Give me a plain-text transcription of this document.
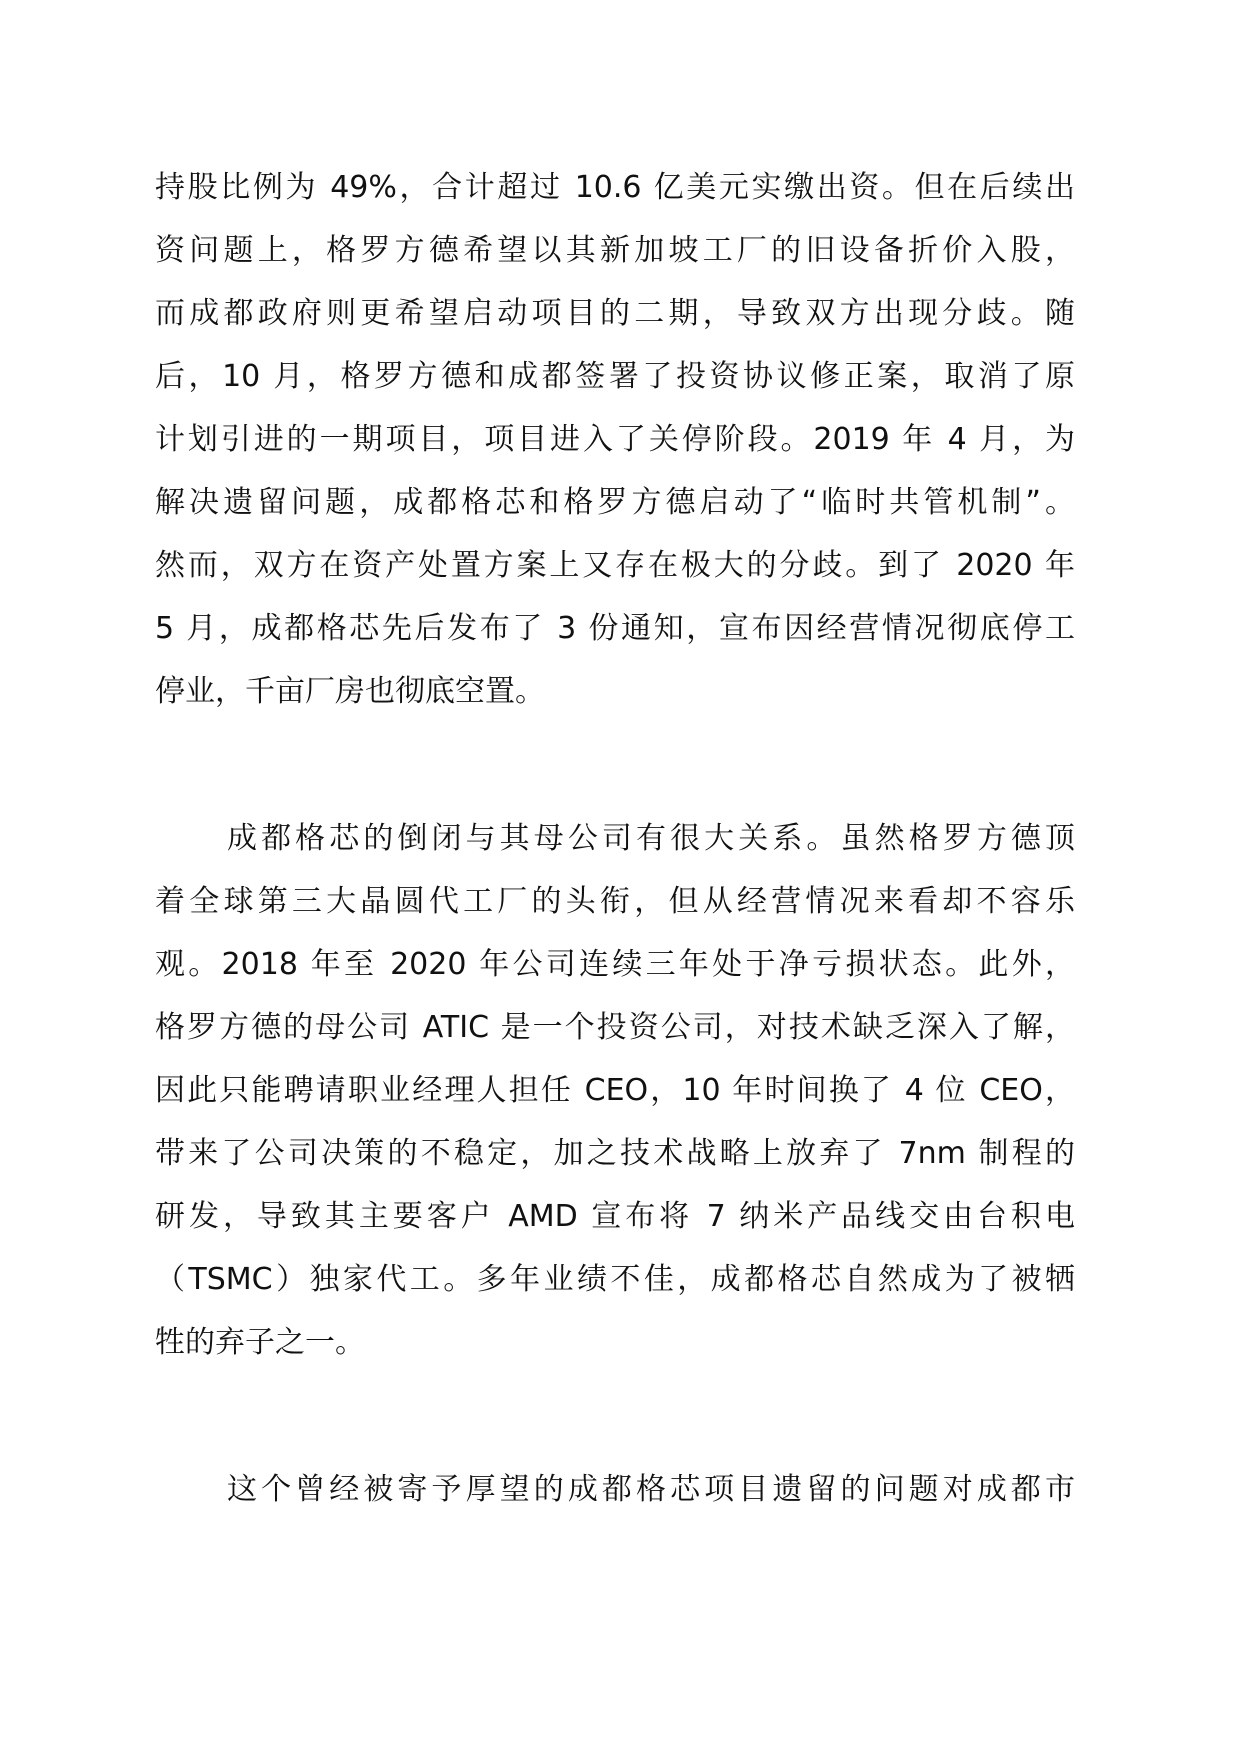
持股比例为 49%，合计超过 10.6 亿美元实缴出资。但在后续出
资问题上，格罗方德希望以其新加坡工厂的旧设备折价入股，
而成都政府则更希望启动项目的二期，导致双方出现分歧。随
后，10 月，格罗方德和成都签署了投资协议修正案，取消了原
计划引进的一期项目，项目进入了关停阶段。2019 年 4 月，为
解决遗留问题，成都格芯和格罗方德启动了“临时共管机制”。
然而，双方在资产处置方案上又存在极大的分歧。到了 2020 年
5 月，成都格芯先后发布了 3 份通知，宣布因经营情况彻底停工
停业，千亩厂房也彻底空置。
成都格芯的倒闭与其母公司有很大关系。虽然格罗方德顶
着全球第三大晶圆代工厂的头衔，但从经营情况来看却不容乐
观。2018 年至 2020 年公司连续三年处于净亏损状态。此外，
格罗方德的母公司 ATIC 是一个投资公司，对技术缺乏深入了解，
因此只能聘请职业经理人担任 CEO，10 年时间换了 4 位 CEO，
带来了公司决策的不稳定，加之技术战略上放弃了 7nm 制程的
研发，导致其主要客户 AMD 宣布将 7 纳米产品线交由台积电
（TSMC）独家代工。多年业绩不佳，成都格芯自然成为了被牺
牲的弃子之一。
这个曾经被寄予厚望的成都格芯项目遗留的问题对成都市
